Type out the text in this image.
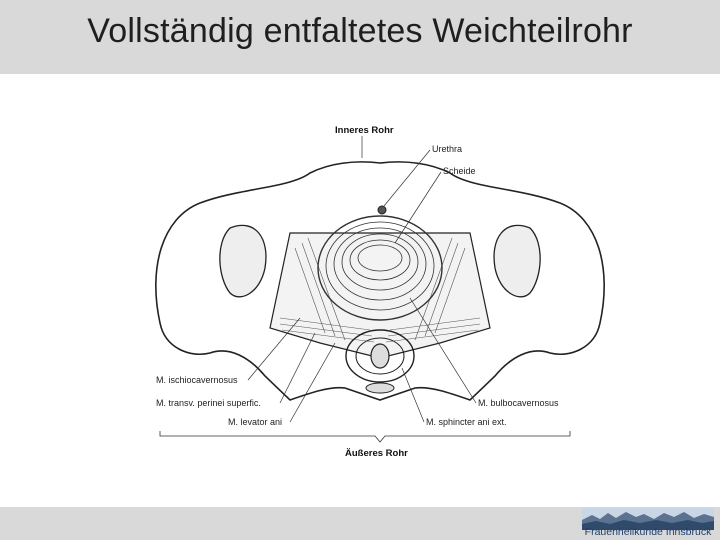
Vollständig entfaltetes Weichteilrohr
Inneres Rohr
Urethra
Scheide
M. ischiocavernosus
M. transv. perinei superfic.
M. levator ani
M. bulbocavernosus
M. sphincter ani ext.
Äußeres Rohr
Frauenheilkunde Innsbruck
